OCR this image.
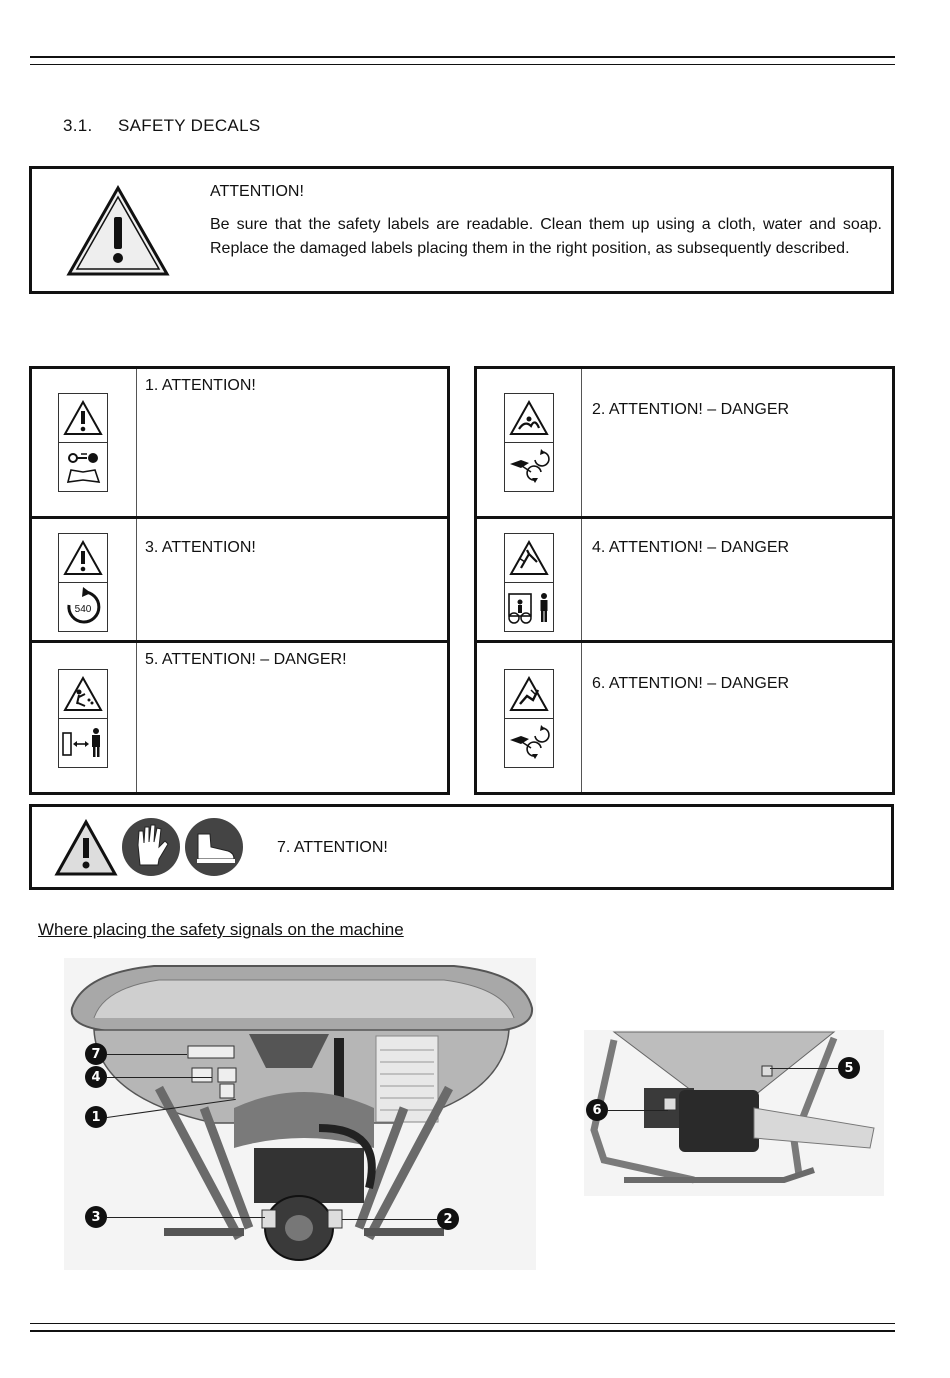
3.1. SAFETY DECALS
ATTENTION!
Be sure that the safety labels are readable. Clean them up using a cloth, water and soap. Replace the damaged labels placing them in the right position, as subsequently described.
1. ATTENTION!
540
3. ATTENTION!
5. ATTENTION! – DANGER!
2. ATTENTION! – DANGER
4. ATTENTION! – DANGER
6. ATTENTION! – DANGER
7. ATTENTION!
Where placing the safety signals on the machine
7
4
1
3	2
5
6
